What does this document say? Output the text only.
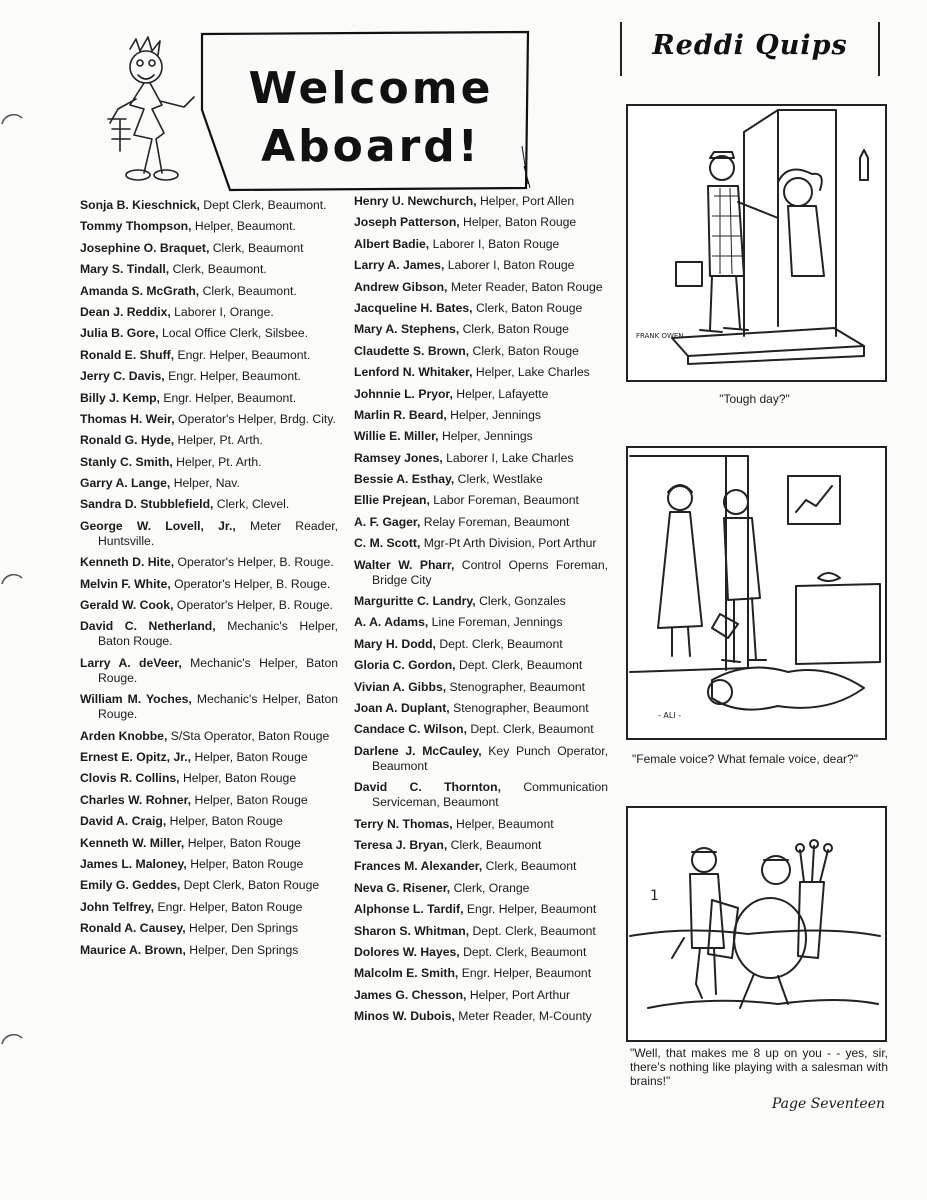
Welcome
Aboard!
Sonja B. Kieschnick, Dept Clerk, Beaumont.
Tommy Thompson, Helper, Beaumont.
Josephine O. Braquet, Clerk, Beaumont
Mary S. Tindall, Clerk, Beaumont.
Amanda S. McGrath, Clerk, Beaumont.
Dean J. Reddix, Laborer I, Orange.
Julia B. Gore, Local Office Clerk, Silsbee.
Ronald E. Shuff, Engr. Helper, Beaumont.
Jerry C. Davis, Engr. Helper, Beaumont.
Billy J. Kemp, Engr. Helper, Beaumont.
Thomas H. Weir, Operator's Helper, Brdg. City.
Ronald G. Hyde, Helper, Pt. Arth.
Stanly C. Smith, Helper, Pt. Arth.
Garry A. Lange, Helper, Nav.
Sandra D. Stubblefield, Clerk, Clevel.
George W. Lovell, Jr., Meter Reader, Huntsville.
Kenneth D. Hite, Operator's Helper, B. Rouge.
Melvin F. White, Operator's Helper, B. Rouge.
Gerald W. Cook, Operator's Helper, B. Rouge.
David C. Netherland, Mechanic's Helper, Baton Rouge.
Larry A. deVeer, Mechanic's Helper, Baton Rouge.
William M. Yoches, Mechanic's Helper, Baton Rouge.
Arden Knobbe, S/Sta Operator, Baton Rouge
Ernest E. Opitz, Jr., Helper, Baton Rouge
Clovis R. Collins, Helper, Baton Rouge
Charles W. Rohner, Helper, Baton Rouge
David A. Craig, Helper, Baton Rouge
Kenneth W. Miller, Helper, Baton Rouge
James L. Maloney, Helper, Baton Rouge
Emily G. Geddes, Dept Clerk, Baton Rouge
John Telfrey, Engr. Helper, Baton Rouge
Ronald A. Causey, Helper, Den Springs
Maurice A. Brown, Helper, Den Springs
Henry U. Newchurch, Helper, Port Allen
Joseph Patterson, Helper, Baton Rouge
Albert Badie, Laborer I, Baton Rouge
Larry A. James, Laborer I, Baton Rouge
Andrew Gibson, Meter Reader, Baton Rouge
Jacqueline H. Bates, Clerk, Baton Rouge
Mary A. Stephens, Clerk, Baton Rouge
Claudette S. Brown, Clerk, Baton Rouge
Lenford N. Whitaker, Helper, Lake Charles
Johnnie L. Pryor, Helper, Lafayette
Marlin R. Beard, Helper, Jennings
Willie E. Miller, Helper, Jennings
Ramsey Jones, Laborer I, Lake Charles
Bessie A. Esthay, Clerk, Westlake
Ellie Prejean, Labor Foreman, Beaumont
A. F. Gager, Relay Foreman, Beaumont
C. M. Scott, Mgr-Pt Arth Division, Port Arthur
Walter W. Pharr, Control Operns Foreman, Bridge City
Marguritte C. Landry, Clerk, Gonzales
A. A. Adams, Line Foreman, Jennings
Mary H. Dodd, Dept. Clerk, Beaumont
Gloria C. Gordon, Dept. Clerk, Beaumont
Vivian A. Gibbs, Stenographer, Beaumont
Joan A. Duplant, Stenographer, Beaumont
Candace C. Wilson, Dept. Clerk, Beaumont
Darlene J. McCauley, Key Punch Operator, Beaumont
David C. Thornton, Communication Serviceman, Beaumont
Terry N. Thomas, Helper, Beaumont
Teresa J. Bryan, Clerk, Beaumont
Frances M. Alexander, Clerk, Beaumont
Neva G. Risener, Clerk, Orange
Alphonse L. Tardif, Engr. Helper, Beaumont
Sharon S. Whitman, Dept. Clerk, Beaumont
Dolores W. Hayes, Dept. Clerk, Beaumont
Malcolm E. Smith, Engr. Helper, Beaumont
James G. Chesson, Helper, Port Arthur
Minos W. Dubois, Meter Reader, M-County
Reddi Quips
FRANK OWEN
"Tough day?"
- ALI -
"Female voice? What female voice, dear?"
1
"Well, that makes me 8 up on you - - yes, sir, there's nothing like playing with a salesman with brains!"
Page Seventeen
